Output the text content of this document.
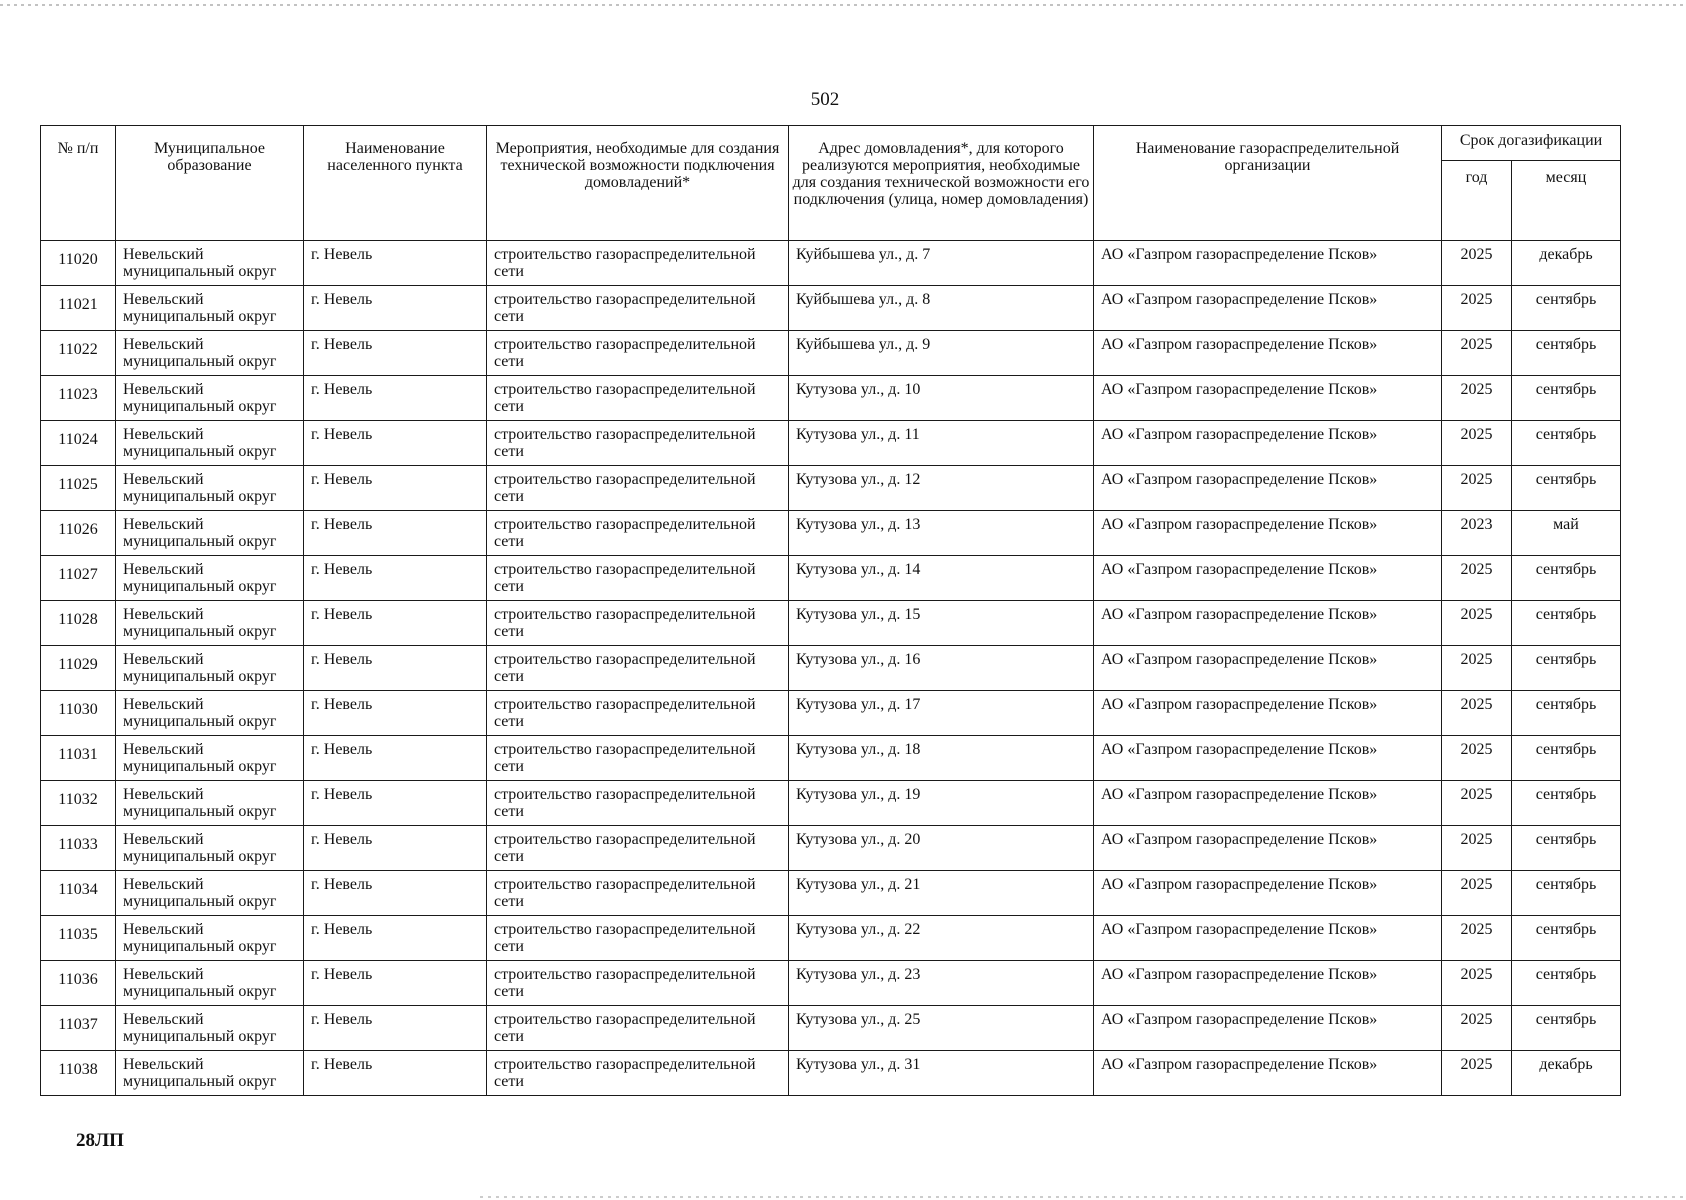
502
№ п/п	Муниципальное образование	Наименование населенного пункта	Мероприятия, необходимые для создания технической возможности подключения домовладений*	Адрес домовладения*, для которого реализуются мероприятия, необходимые для создания технической возможности его подключения (улица, номер домовладения)	Наименование газораспределительной организации	Срок догазификации	
						год	месяц
11020	Невельский муниципальный округ	г. Невель	строительство газораспределительной сети	Куйбышева ул., д. 7	АО «Газпром газораспределение Псков»	2025	декабрь
11021	Невельский муниципальный округ	г. Невель	строительство газораспределительной сети	Куйбышева ул., д. 8	АО «Газпром газораспределение Псков»	2025	сентябрь
11022	Невельский муниципальный округ	г. Невель	строительство газораспределительной сети	Куйбышева ул., д. 9	АО «Газпром газораспределение Псков»	2025	сентябрь
11023	Невельский муниципальный округ	г. Невель	строительство газораспределительной сети	Кутузова ул., д. 10	АО «Газпром газораспределение Псков»	2025	сентябрь
11024	Невельский муниципальный округ	г. Невель	строительство газораспределительной сети	Кутузова ул., д. 11	АО «Газпром газораспределение Псков»	2025	сентябрь
11025	Невельский муниципальный округ	г. Невель	строительство газораспределительной сети	Кутузова ул., д. 12	АО «Газпром газораспределение Псков»	2025	сентябрь
11026	Невельский муниципальный округ	г. Невель	строительство газораспределительной сети	Кутузова ул., д. 13	АО «Газпром газораспределение Псков»	2023	май
11027	Невельский муниципальный округ	г. Невель	строительство газораспределительной сети	Кутузова ул., д. 14	АО «Газпром газораспределение Псков»	2025	сентябрь
11028	Невельский муниципальный округ	г. Невель	строительство газораспределительной сети	Кутузова ул., д. 15	АО «Газпром газораспределение Псков»	2025	сентябрь
11029	Невельский муниципальный округ	г. Невель	строительство газораспределительной сети	Кутузова ул., д. 16	АО «Газпром газораспределение Псков»	2025	сентябрь
11030	Невельский муниципальный округ	г. Невель	строительство газораспределительной сети	Кутузова ул., д. 17	АО «Газпром газораспределение Псков»	2025	сентябрь
11031	Невельский муниципальный округ	г. Невель	строительство газораспределительной сети	Кутузова ул., д. 18	АО «Газпром газораспределение Псков»	2025	сентябрь
11032	Невельский муниципальный округ	г. Невель	строительство газораспределительной сети	Кутузова ул., д. 19	АО «Газпром газораспределение Псков»	2025	сентябрь
11033	Невельский муниципальный округ	г. Невель	строительство газораспределительной сети	Кутузова ул., д. 20	АО «Газпром газораспределение Псков»	2025	сентябрь
11034	Невельский муниципальный округ	г. Невель	строительство газораспределительной сети	Кутузова ул., д. 21	АО «Газпром газораспределение Псков»	2025	сентябрь
11035	Невельский муниципальный округ	г. Невель	строительство газораспределительной сети	Кутузова ул., д. 22	АО «Газпром газораспределение Псков»	2025	сентябрь
11036	Невельский муниципальный округ	г. Невель	строительство газораспределительной сети	Кутузова ул., д. 23	АО «Газпром газораспределение Псков»	2025	сентябрь
11037	Невельский муниципальный округ	г. Невель	строительство газораспределительной сети	Кутузова ул., д. 25	АО «Газпром газораспределение Псков»	2025	сентябрь
11038	Невельский муниципальный округ	г. Невель	строительство газораспределительной сети	Кутузова ул., д. 31	АО «Газпром газораспределение Псков»	2025	декабрь
28ЛП
